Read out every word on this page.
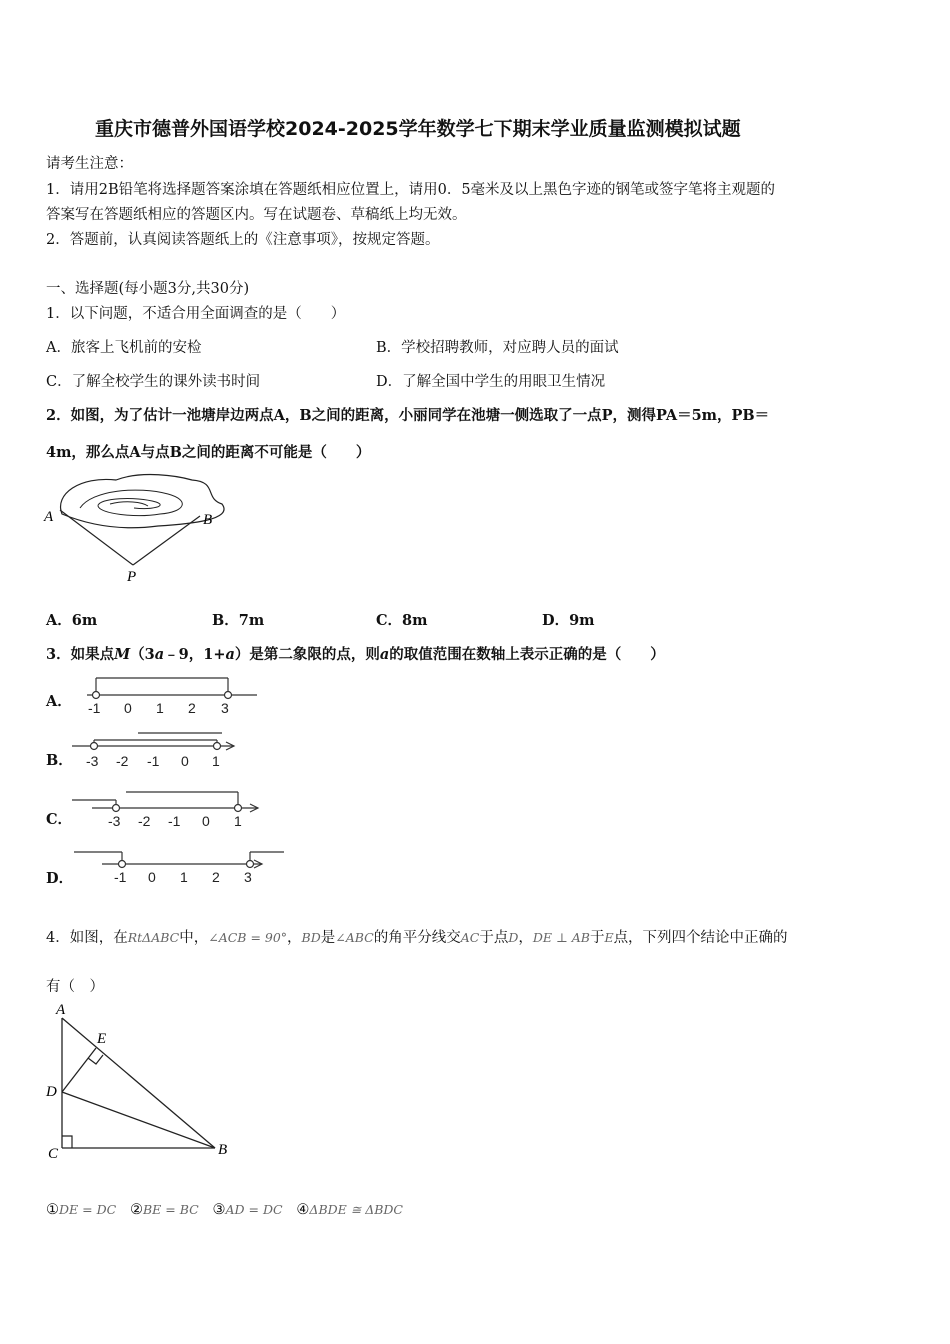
重庆市德普外国语学校2024-2025学年数学七下期末学业质量监测模拟试题
请考生注意：
1．请用2B铅笔将选择题答案涂填在答题纸相应位置上，请用0．5毫米及以上黑色字迹的钢笔或签字笔将主观题的
答案写在答题纸相应的答题区内。写在试题卷、草稿纸上均无效。
2．答题前，认真阅读答题纸上的《注意事项》，按规定答题。
一、选择题(每小题3分,共30分)
1．以下问题，不适合用全面调查的是（　　）
A．旅客上飞机前的安检	B．学校招聘教师，对应聘人员的面试
C．了解全校学生的课外读书时间	D．了解全国中学生的用眼卫生情况
2．如图，为了估计一池塘岸边两点A，B之间的距离，小丽同学在池塘一侧选取了一点P，测得PA＝5m，PB＝
4m，那么点A与点B之间的距离不可能是（　　）
A	B
P
A．6m	B．7m	C．8m	D．9m
3．如果点M（3a﹣9，1+a）是第二象限的点，则a的取值范围在数轴上表示正确的是（　　）
A． -1 0 1 2 3
B． -3 -2 -1 0 1
C．	-3 -2 -1 0 1
D．	-1 0 1 2 3
4．如图，在RtΔABC中，∠ACB = 90°，BD是∠ABC的角平分线交AC于点D，DE ⊥ AB于E点，下列四个结论中正确的
有（　）
A
E
D
C	B
①DE = DC ②BE = BC ③AD = DC ④ΔBDE ≅ ΔBDC
